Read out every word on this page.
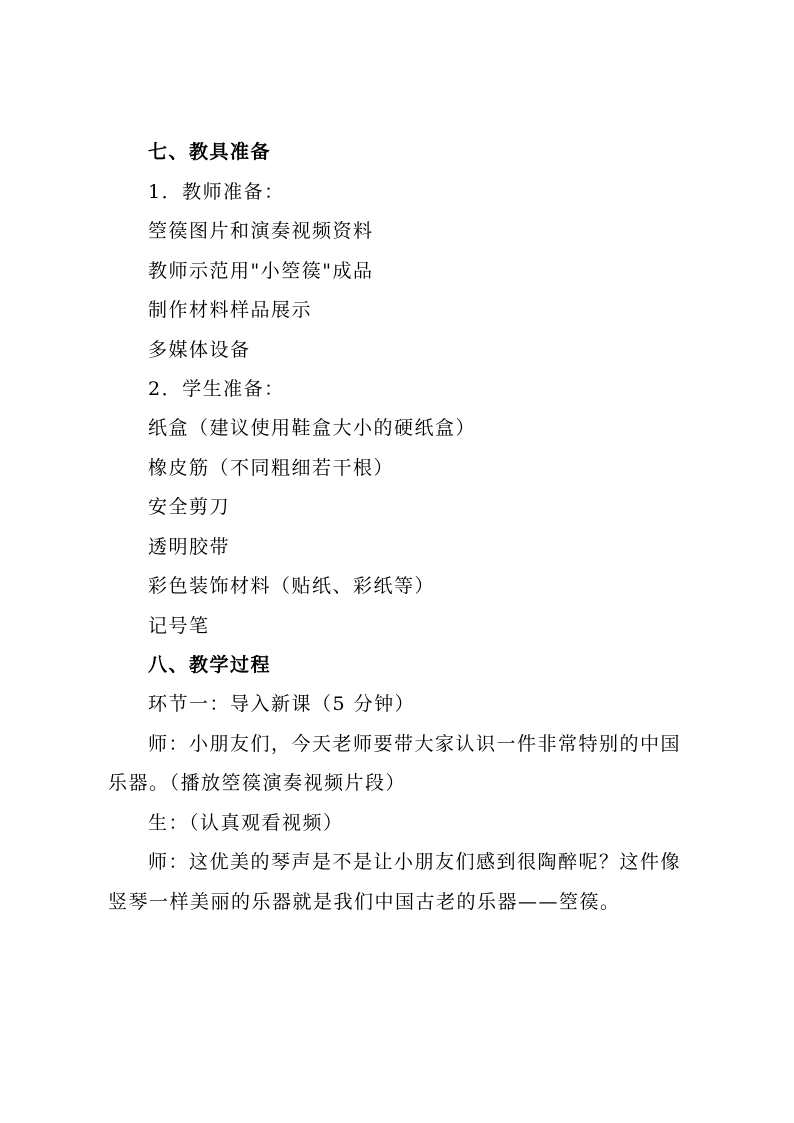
七、教具准备
1．教师准备：
箜篌图片和演奏视频资料
教师示范用"小箜篌"成品
制作材料样品展示
多媒体设备
2．学生准备：
纸盒（建议使用鞋盒大小的硬纸盒）
橡皮筋（不同粗细若干根）
安全剪刀
透明胶带
彩色装饰材料（贴纸、彩纸等）
记号笔
八、教学过程
环节一：导入新课（5 分钟）
师：小朋友们，今天老师要带大家认识一件非常特别的中国
乐器。（播放箜篌演奏视频片段）
生：（认真观看视频）
师：这优美的琴声是不是让小朋友们感到很陶醉呢？这件像
竖琴一样美丽的乐器就是我们中国古老的乐器——箜篌。
